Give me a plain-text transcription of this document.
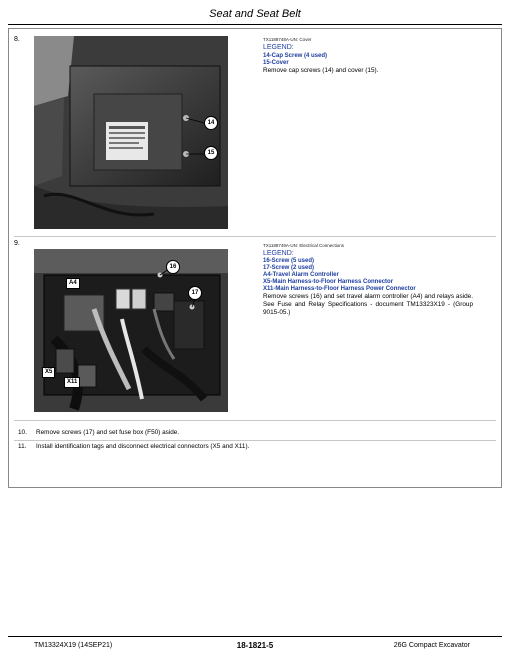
Seat and Seat Belt
8.
14
15
TX1188748A-UN: Cover
LEGEND:
14-Cap Screw (4 used)
15-Cover
Remove cap screws (14) and cover (15).
9.
16
17
A4
X5
X11
TX1188749A-UN: Electrical Connections
LEGEND:
16-Screw (5 used)
17-Screw (2 used)
A4-Travel Alarm Controller
X5-Main Harness-to-Floor Harness Connector
X11-Main Harness-to-Floor Harness Power Connector
Remove screws (16) and set travel alarm controller (A4) and relays aside. See Fuse and Relay Specifications - document TM13323X19 - (Group 9015-05.)
10. Remove screws (17) and set fuse box (F50) aside.
11. Install identification tags and disconnect electrical connectors (X5 and X11).
TM13324X19 (14SEP21)	18-1821-5	26G Compact Excavator
